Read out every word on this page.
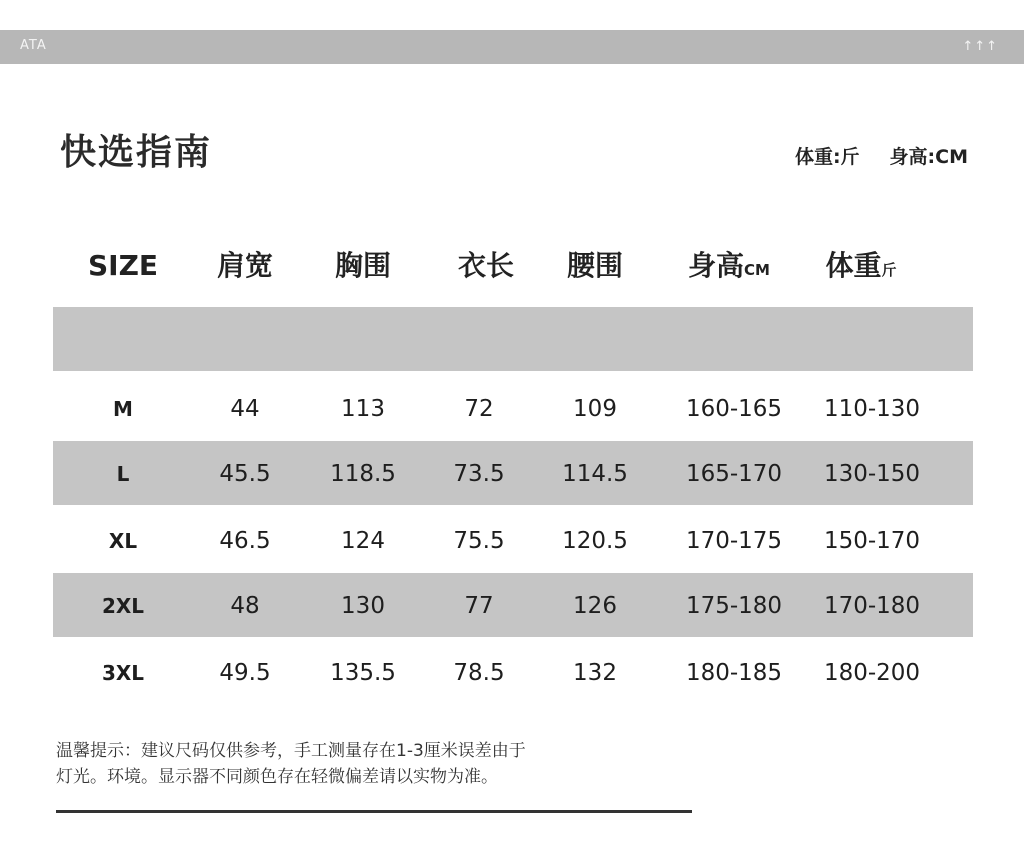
ATA	↑↑↑
快选指南	体重:斤 身高:CM
SIZE	肩宽	胸围	衣长	腰围	身高CM	体重斤
M	44	113	72	109	160-165	110-130
L	45.5	118.5	73.5	114.5	165-170	130-150
XL	46.5	124	75.5	120.5	170-175	150-170
2XL	48	130	77	126	175-180	170-180
3XL	49.5	135.5	78.5	132	180-185	180-200
温馨提示：建议尺码仅供参考，手工测量存在1-3厘米误差由于
灯光。环境。显示器不同颜色存在轻微偏差请以实物为准。
